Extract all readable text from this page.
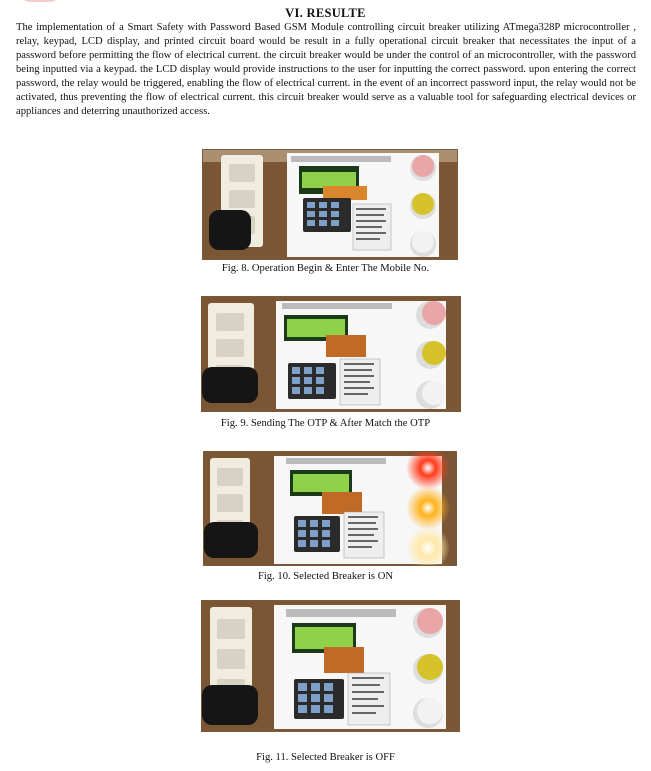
VI. RESULTE

The implementation of a Smart Safety with Password Based GSM Module controlling circuit breaker utilizing ATmega328P microcontroller , relay, keypad, LCD display, and printed circuit board would be result in a fully operational circuit breaker that necessitates the input of a password before permitting the flow of electrical current. the circuit breaker would be under the control of an microcontroller, with the password being inputted via a keypad. the LCD display would provide instructions to the user for inputting the correct password. upon entering the correct password, the relay would be triggered, enabling the flow of electrical current. in the event of an incorrect password input, the relay would not be activated, thus preventing the flow of electrical current. this circuit breaker would serve as a valuable tool for safeguarding electrical devices or appliances and deterring unauthorized access.

Fig. 8. Operation Begin & Enter The Mobile No.
Fig. 9. Sending The OTP & After Match the OTP
Fig. 10. Selected Breaker is ON
Fig. 11. Selected Breaker is OFF
